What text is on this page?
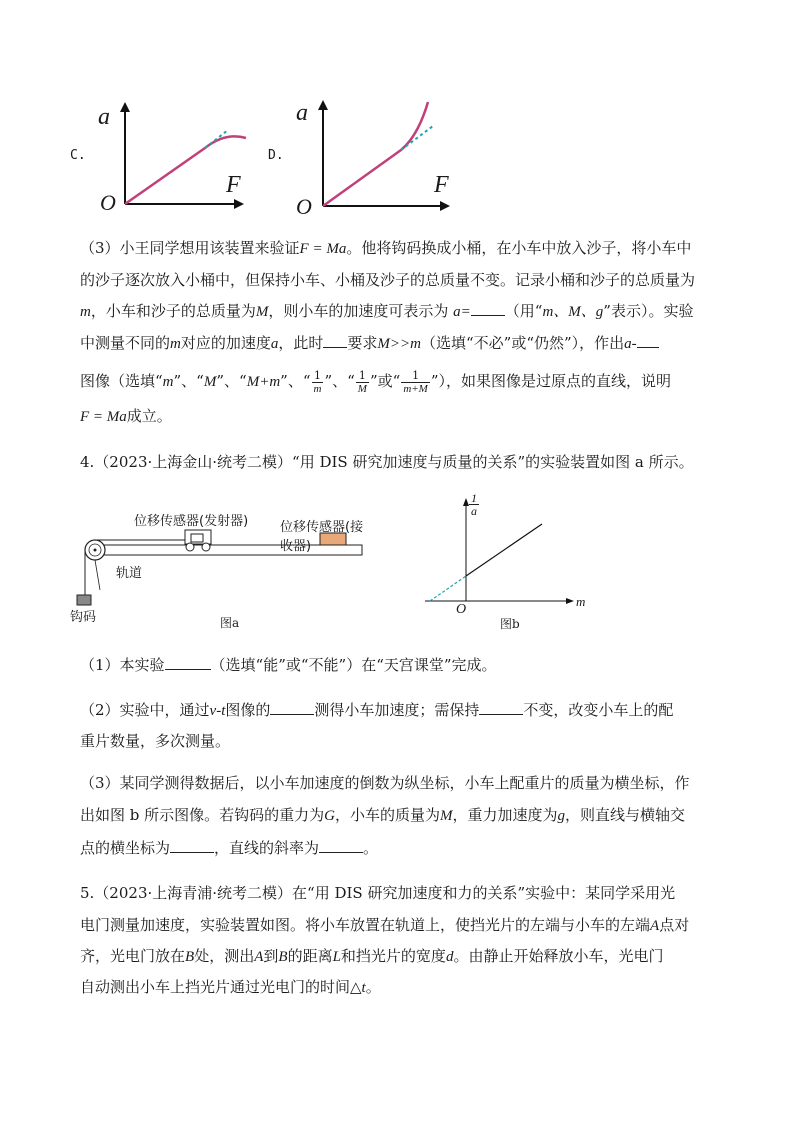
C.
a
F
O
D.
a
F
O
（3）小王同学想用该装置来验证F = Ma。他将钩码换成小桶，在小车中放入沙子，将小车中
的沙子逐次放入小桶中，但保持小车、小桶及沙子的总质量不变。记录小桶和沙子的总质量为
m，小车和沙子的总质量为M，则小车的加速度可表示为 a= （用“m、M、g”表示）。实验
中测量不同的m对应的加速度a，此时 要求M>>m（选填“不必”或“仍然”），作出a-
图像（选填“m”、“M”、“M+m”、“ $\frac{1}{m}$ ”、“ $\frac{1}{M}$ ”或“ $\frac{1}{m+M}$ ”），如果图像是过原点的直线，说明
F = Ma成立。
4.（2023·上海金山·统考二模）“用 DIS 研究加速度与质量的关系”的实验装置如图 a 所示。
位移传感器(发射器) 位移传感器(接收器)
轨道
钩码	图a
$\frac{1}{a}$
m
O
图b
（1）本实验	（选填“能”或“不能”）在“天宫课堂”完成。
（2）实验中，通过v-t图像的	测得小车加速度；需保持	不变，改变小车上的配
重片数量，多次测量。
（3）某同学测得数据后，以小车加速度的倒数为纵坐标，小车上配重片的质量为横坐标，作
出如图 b 所示图像。若钩码的重力为G，小车的质量为M，重力加速度为g，则直线与横轴交
点的横坐标为	，直线的斜率为	。
5.（2023·上海青浦·统考二模）在“用 DIS 研究加速度和力的关系”实验中：某同学采用光
电门测量加速度，实验装置如图。将小车放置在轨道上，使挡光片的左端与小车的左端A点对
齐，光电门放在B处，测出A到B的距离L和挡光片的宽度d。由静止开始释放小车，光电门
自动测出小车上挡光片通过光电门的时间△t。
